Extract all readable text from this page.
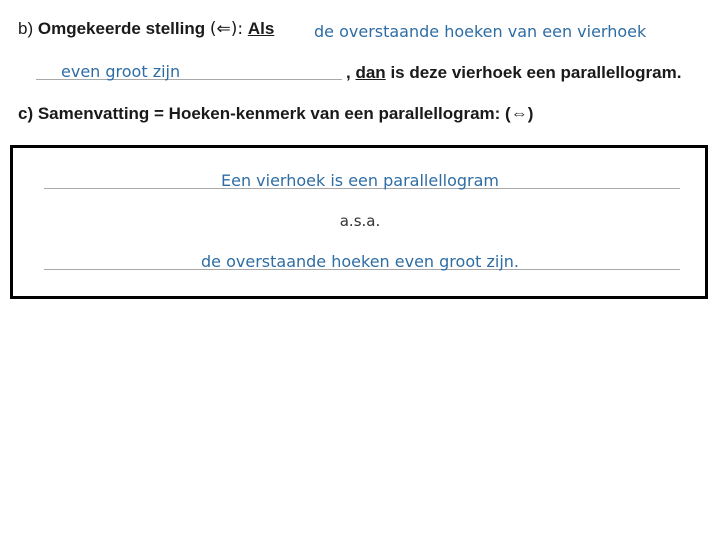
b) Omgekeerde stelling (⇐): Als de overstaande hoeken van een vierhoek
even groot zijn	, dan is deze vierhoek een parallellogram.
c) Samenvatting = Hoeken-kenmerk van een parallellogram: (⇔)
Een vierhoek is een parallellogram
a.s.a.
de overstaande hoeken even groot zijn.
